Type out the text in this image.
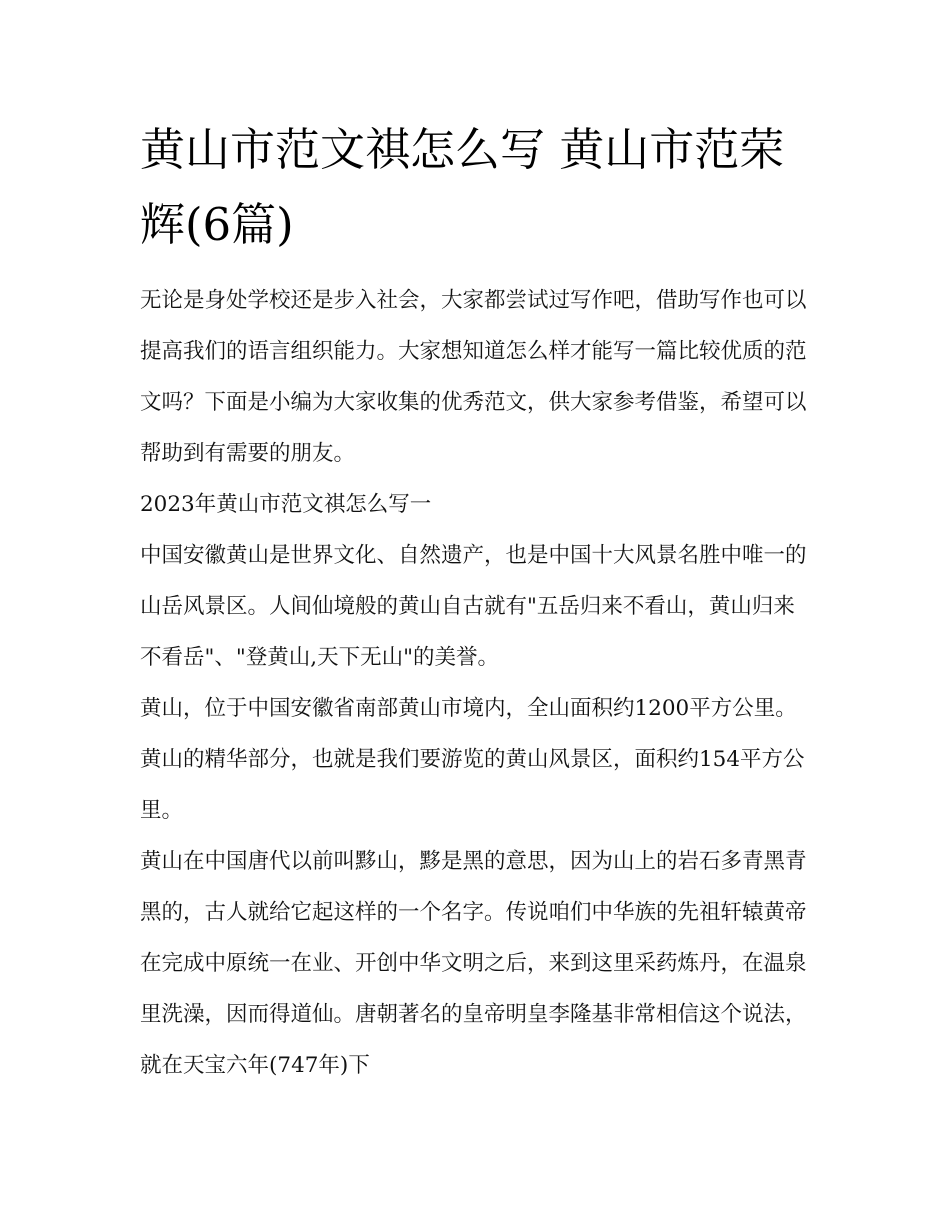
黄山市范文祺怎么写 黄山市范荣辉(6篇)

无论是身处学校还是步入社会，大家都尝试过写作吧，借助写作也可以提高我们的语言组织能力。大家想知道怎么样才能写一篇比较优质的范文吗？下面是小编为大家收集的优秀范文，供大家参考借鉴，希望可以帮助到有需要的朋友。

2023年黄山市范文祺怎么写一

中国安徽黄山是世界文化、自然遗产，也是中国十大风景名胜中唯一的山岳风景区。人间仙境般的黄山自古就有"五岳归来不看山，黄山归来不看岳"、"登黄山,天下无山"的美誉。

黄山，位于中国安徽省南部黄山市境内，全山面积约1200平方公里。黄山的精华部分，也就是我们要游览的黄山风景区，面积约154平方公里。

黄山在中国唐代以前叫黟山，黟是黑的意思，因为山上的岩石多青黑青黑的，古人就给它起这样的一个名字。传说咱们中华族的先祖轩辕黄帝在完成中原统一在业、开创中华文明之后，来到这里采药炼丹，在温泉里洗澡，因而得道仙。唐朝著名的皇帝明皇李隆基非常相信这个说法，就在天宝六年(747年)下
